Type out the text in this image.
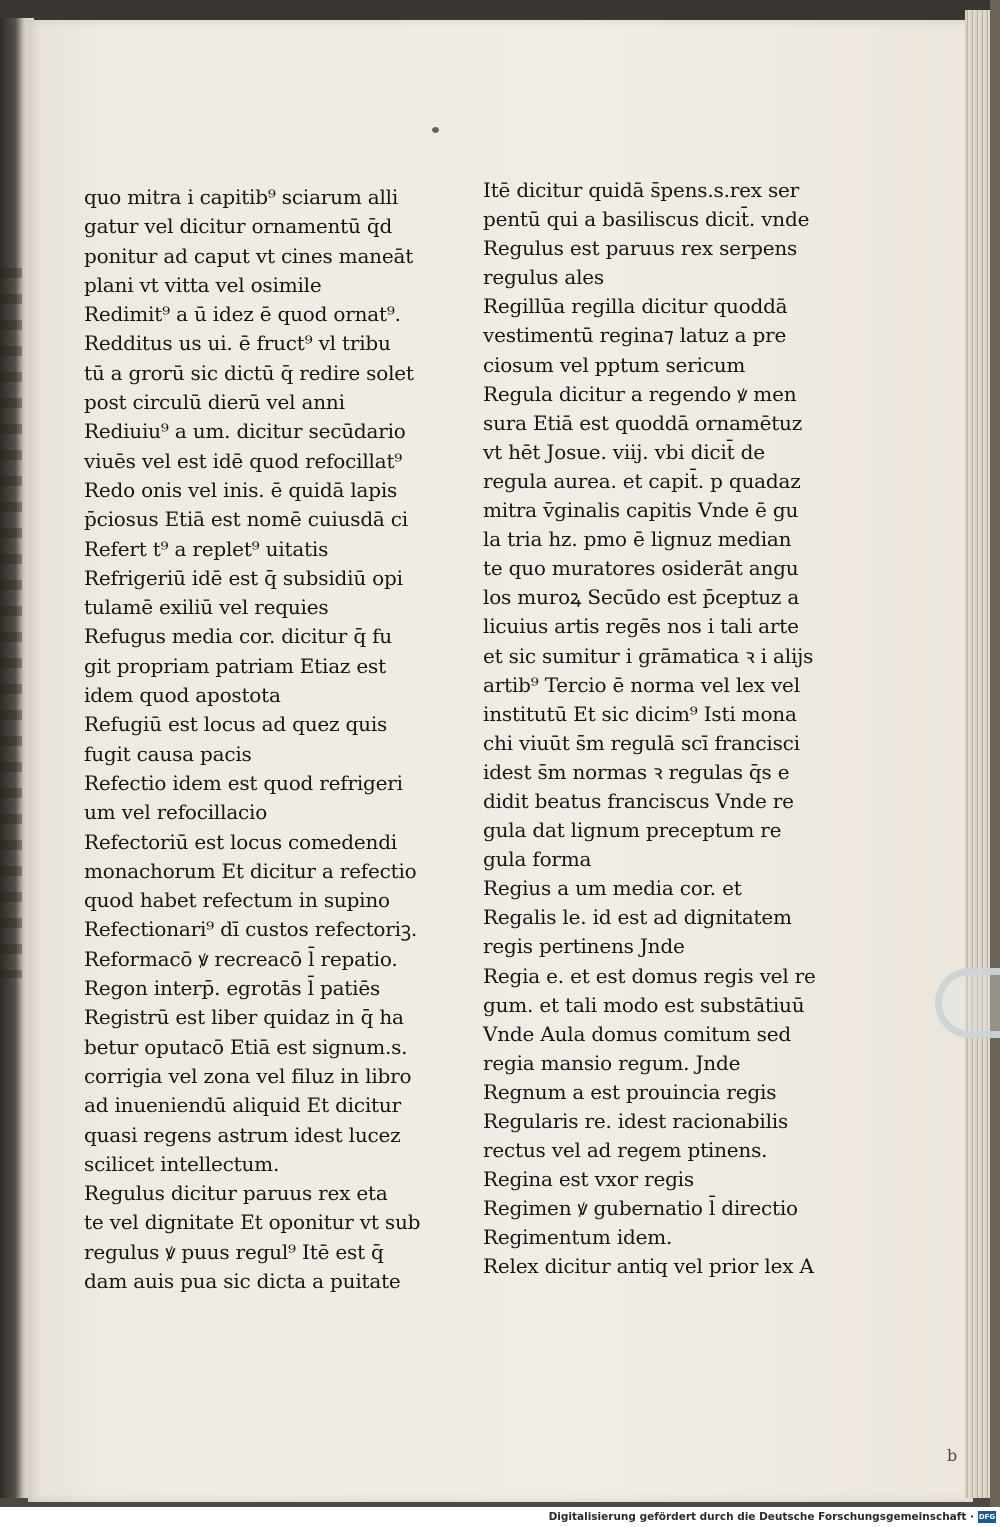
quo mitra i capitib⁹ sciarum alli
gatur vel dicitur ornamentū q̄d
ponitur ad caput vt cines maneāt
plani vt vitta vel osimile
Redimit⁹ a ū idez ē quod ornat⁹.
Redditus us ui. ē fruct⁹ vl tribu
tū a grorū sic dictū q̄ redire solet
post circulū dierū vel anni
Rediuiu⁹ a um. dicitur secūdario
viuēs vel est idē quod refocillat⁹
Redo onis vel inis. ē quidā lapis
p̄ciosus Etiā est nomē cuiusdā ci
Refert t⁹ a replet⁹ uitatis
Refrigeriū idē est q̄ subsidiū opi
tulamē exiliū vel requies
Refugus media cor. dicitur q̄ fu
git propriam patriam Etiaz est
idem quod apostota
Refugiū est locus ad quez quis
fugit causa pacis
Refectio idem est quod refrigeri
um vel refocillacio
Refectoriū est locus comedendi
monachorum Et dicitur a refectio
quod habet refectum in supino
Refectionari⁹ dī custos refectoriꝫ.
Reformacō ꝟ recreacō l̄ repatio.
Regon interp̄. egrotās l̄ patiēs
Registrū est liber quidaz in q̄ ha
betur oputacō Etiā est signum.s.
corrigia vel zona vel filuz in libro
ad inueniendū aliquid Et dicitur
quasi regens astrum idest lucez
scilicet intellectum.
Regulus dicitur paruus rex eta
te vel dignitate Et oponitur vt sub
regulus ꝟ puus regul⁹ Itē est q̄
dam auis pua sic dicta a puitate
Itē dicitur quidā s̄pens.s.rex ser
pentū qui a basiliscus dicit̄. vnde
Regulus est paruus rex serpens
regulus ales
Regillūa regilla dicitur quoddā
vestimentū regina⁊ latuz a pre
ciosum vel pptum sericum
Regula dicitur a regendo ꝟ men
sura Etiā est quoddā ornamētuz
vt hēt Josue. viij. vbi dicit̄ de
regula aurea. et capit̄. p quadaz
mitra v̄ginalis capitis Vnde ē gu
la tria hz. pmo ē lignuz median
te quo muratores osiderāt angu
los muroꝝ Secūdo est p̄ceptuz a
licuius artis regēs nos i tali arte
et sic sumitur i grāmatica ꝛ i alijs
artib⁹ Tercio ē norma vel lex vel
institutū Et sic dicim⁹ Isti mona
chi viuūt s̄m regulā scī francisci
idest s̄m normas ꝛ regulas q̄s e
didit beatus franciscus Vnde re
gula dat lignum preceptum re
gula forma
Regius a um media cor. et
Regalis le. id est ad dignitatem
regis pertinens Jnde
Regia e. et est domus regis vel re
gum. et tali modo est substātiuū
Vnde Aula domus comitum sed
regia mansio regum. Jnde
Regnum a est prouincia regis
Regularis re. idest racionabilis
rectus vel ad regem ptinens.
Regina est vxor regis
Regimen ꝟ gubernatio l̄ directio
Regimentum idem.
Relex dicitur antiq vel prior lex A
b
Digitalisierung gefördert durch die Deutsche Forschungsgemeinschaft · DFG
